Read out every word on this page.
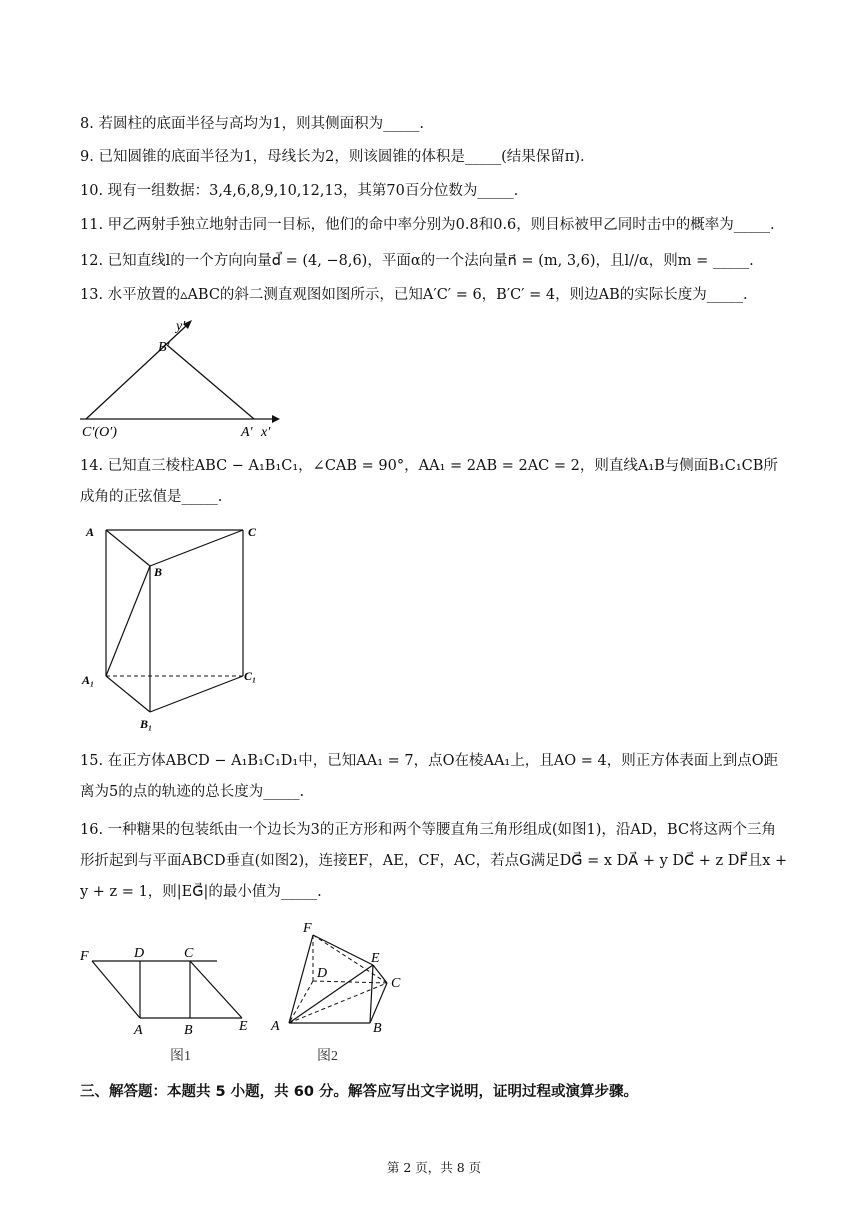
8. 若圆柱的底面半径与高均为1，则其侧面积为_____.
9. 已知圆锥的底面半径为1，母线长为2，则该圆锥的体积是_____(结果保留π).
10. 现有一组数据：3,4,6,8,9,10,12,13，其第70百分位数为_____.
11. 甲乙两射手独立地射击同一目标，他们的命中率分别为0.8和0.6，则目标被甲乙同时击中的概率为_____.
12. 已知直线l的一个方向向量d⃗ = (4, −8,6)，平面α的一个法向量n⃗ = (m, 3,6)，且l//α，则m = _____.
13. 水平放置的▵ABC的斜二测直观图如图所示，已知A′C′ = 6，B′C′ = 4，则边AB的实际长度为_____.
y′
B′
C′(O′)	A′ x′
14. 已知直三棱柱ABC − A₁B₁C₁，∠CAB = 90°，AA₁ = 2AB = 2AC = 2，则直线A₁B与侧面B₁C₁CB所成角的正弦值是_____.
A
B
C
A₁	C₁
B₁
15. 在正方体ABCD − A₁B₁C₁D₁中，已知AA₁ = 7，点O在棱AA₁上，且AO = 4，则正方体表面上到点O距离为5的点的轨迹的总长度为_____.
16. 一种糖果的包装纸由一个边长为3的正方形和两个等腰直角三角形组成(如图1)，沿AD，BC将这两个三角形折起到与平面ABCD垂直(如图2)，连接EF，AE，CF，AC，若点G满足DG⃗ = x DA⃗ + y DC⃗ + z DF⃗且x + y + z = 1，则|EG⃗|的最小值为_____.
F	D	C
A	B	E
图1
F
E
D
C
A	B
图2
三、解答题：本题共 5 小题，共 60 分。解答应写出文字说明，证明过程或演算步骤。
第 2 页，共 8 页
